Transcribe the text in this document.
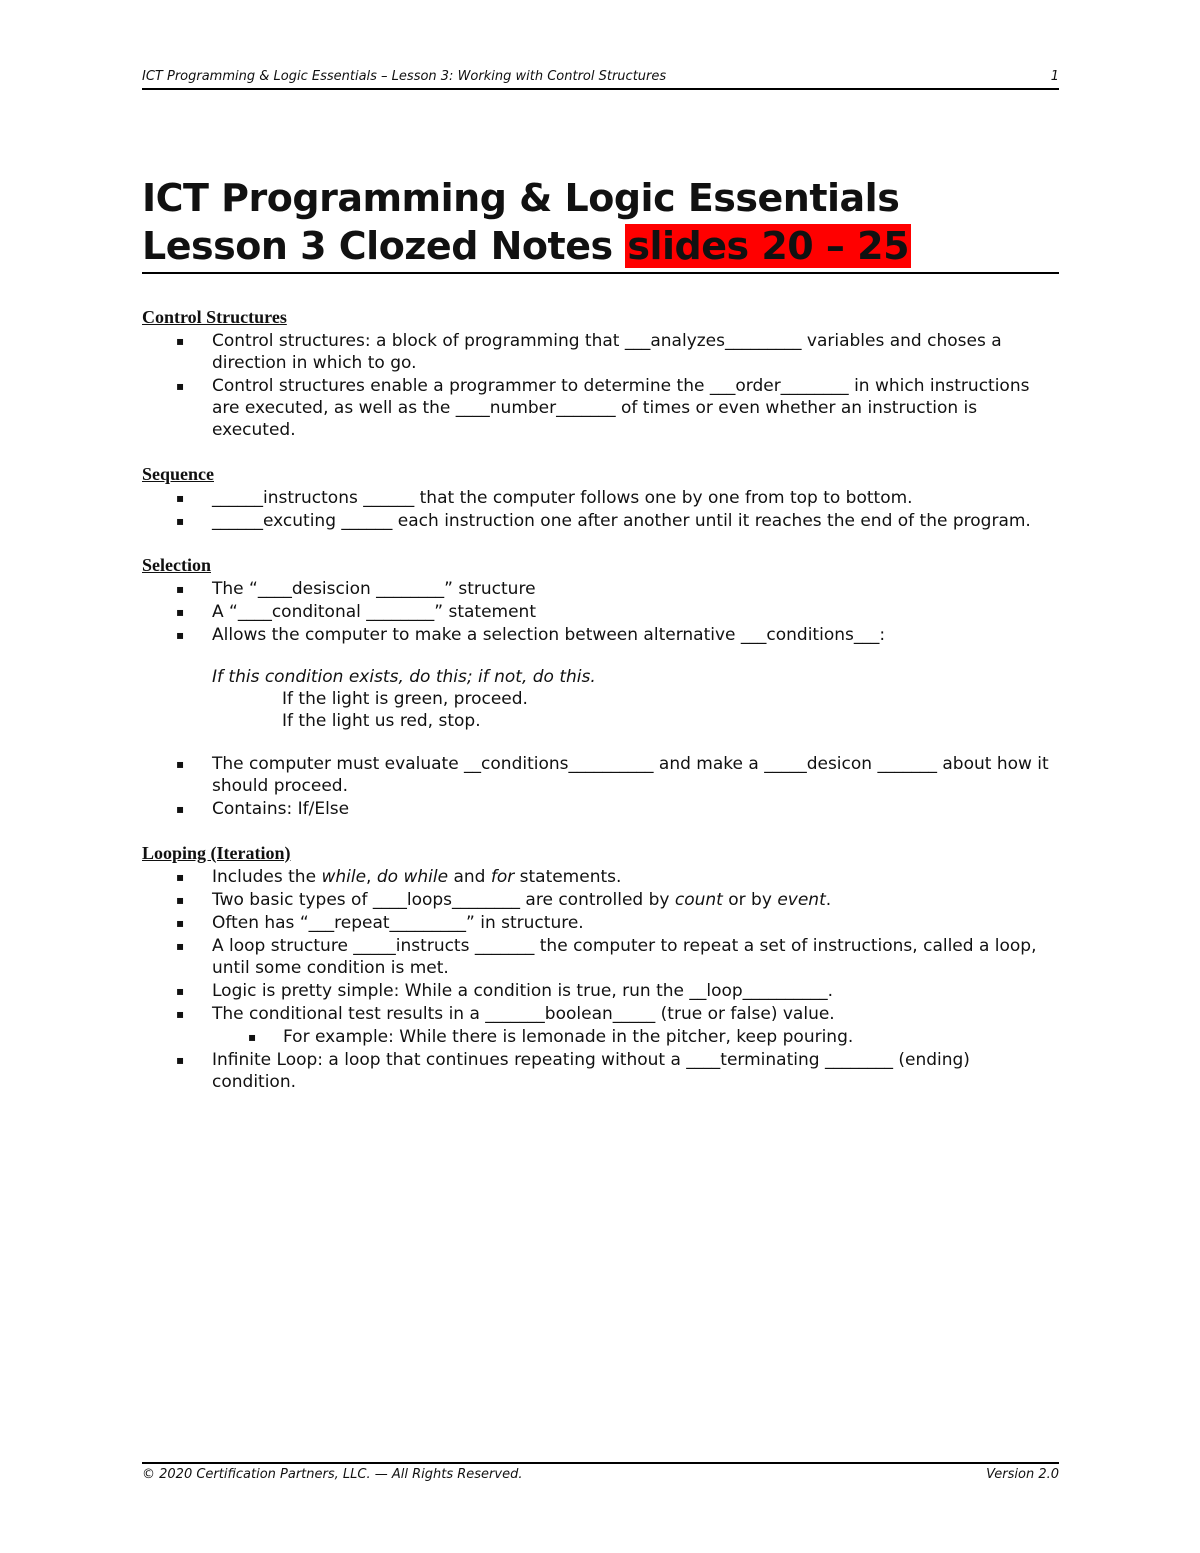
ICT Programming & Logic Essentials – Lesson 3: Working with Control Structures	1
ICT Programming & Logic Essentials
Lesson 3 Clozed Notes slides 20 – 25
Control Structures
▪ Control structures: a block of programming that ___analyzes_________ variables and choses a direction in which to go.
▪ Control structures enable a programmer to determine the ___order________ in which instructions are executed, as well as the ____number_______ of times or even whether an instruction is executed.
Sequence
▪ ______instructons ______ that the computer follows one by one from top to bottom.
▪ ______excuting ______ each instruction one after another until it reaches the end of the program.
Selection
▪ The “____desiscion ________” structure
▪ A “____conditonal ________” statement
▪ Allows the computer to make a selection between alternative ___conditions___:
If this condition exists, do this; if not, do this.
If the light is green, proceed.
If the light us red, stop.
▪ The computer must evaluate __conditions__________ and make a _____desicon _______ about how it should proceed.
▪ Contains: If/Else
Looping (Iteration)
▪ Includes the while, do while and for statements.
▪ Two basic types of ____loops________ are controlled by count or by event.
▪ Often has “___repeat_________” in structure.
▪ A loop structure _____instructs _______ the computer to repeat a set of instructions, called a loop, until some condition is met.
▪ Logic is pretty simple: While a condition is true, run the __loop__________.
▪ The conditional test results in a _______boolean_____ (true or false) value.
▪ For example: While there is lemonade in the pitcher, keep pouring.
▪ Infinite Loop: a loop that continues repeating without a ____terminating ________ (ending) condition.
© 2020 Certification Partners, LLC. — All Rights Reserved.	Version 2.0
